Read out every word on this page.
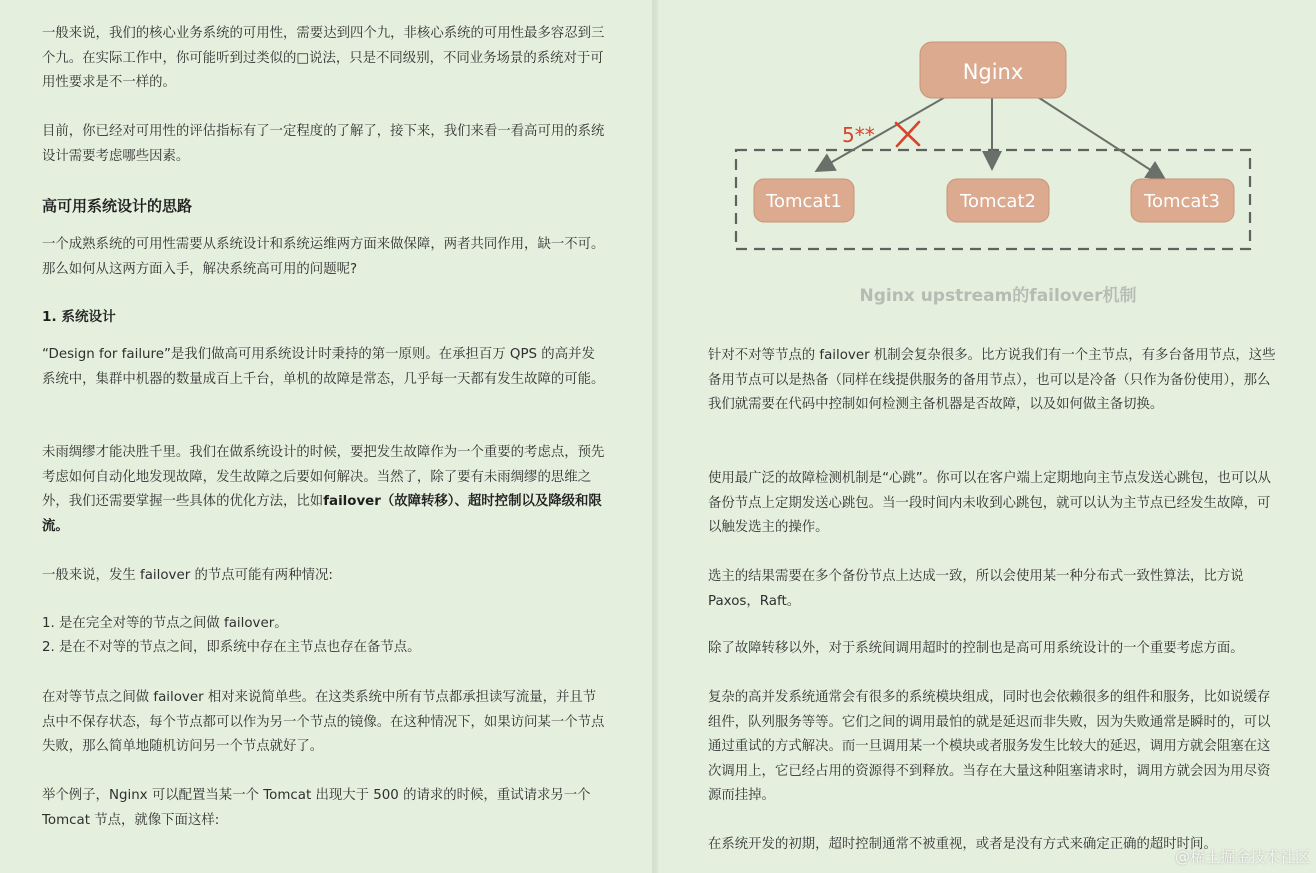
一般来说，我们的核心业务系统的可用性，需要达到四个九，非核心系统的可用性最多容忍到三个九。在实际工作中，你可能听到过类似的□说法，只是不同级别，不同业务场景的系统对于可用性要求是不一样的。

目前，你已经对可用性的评估指标有了一定程度的了解了，接下来，我们来看一看高可用的系统设计需要考虑哪些因素。

高可用系统设计的思路

一个成熟系统的可用性需要从系统设计和系统运维两方面来做保障，两者共同作用，缺一不可。那么如何从这两方面入手，解决系统高可用的问题呢?

1. 系统设计

“Design for failure”是我们做高可用系统设计时秉持的第一原则。在承担百万 QPS 的高并发系统中，集群中机器的数量成百上千台，单机的故障是常态，几乎每一天都有发生故障的可能。

未雨绸缪才能决胜千里。我们在做系统设计的时候，要把发生故障作为一个重要的考虑点，预先考虑如何自动化地发现故障，发生故障之后要如何解决。当然了，除了要有未雨绸缪的思维之外，我们还需要掌握一些具体的优化方法，比如failover（故障转移）、超时控制以及降级和限流。

一般来说，发生 failover 的节点可能有两种情况:

1. 是在完全对等的节点之间做 failover。

2. 是在不对等的节点之间，即系统中存在主节点也存在备节点。

在对等节点之间做 failover 相对来说简单些。在这类系统中所有节点都承担读写流量，并且节点中不保存状态，每个节点都可以作为另一个节点的镜像。在这种情况下，如果访问某一个节点失败，那么简单地随机访问另一个节点就好了。

举个例子，Nginx 可以配置当某一个 Tomcat 出现大于 500 的请求的时候，重试请求另一个 Tomcat 节点，就像下面这样:

5**
Nginx
Tomcat1	Tomcat2	Tomcat3
Nginx upstream的failover机制

针对不对等节点的 failover 机制会复杂很多。比方说我们有一个主节点，有多台备用节点，这些备用节点可以是热备（同样在线提供服务的备用节点），也可以是冷备（只作为备份使用），那么我们就需要在代码中控制如何检测主备机器是否故障，以及如何做主备切换。

使用最广泛的故障检测机制是“心跳”。你可以在客户端上定期地向主节点发送心跳包，也可以从备份节点上定期发送心跳包。当一段时间内未收到心跳包，就可以认为主节点已经发生故障，可以触发选主的操作。

选主的结果需要在多个备份节点上达成一致，所以会使用某一种分布式一致性算法，比方说 Paxos，Raft。

除了故障转移以外，对于系统间调用超时的控制也是高可用系统设计的一个重要考虑方面。

复杂的高并发系统通常会有很多的系统模块组成，同时也会依赖很多的组件和服务，比如说缓存组件，队列服务等等。它们之间的调用最怕的就是延迟而非失败，因为失败通常是瞬时的，可以通过重试的方式解决。而一旦调用某一个模块或者服务发生比较大的延迟，调用方就会阻塞在这次调用上，它已经占用的资源得不到释放。当存在大量这种阻塞请求时，调用方就会因为用尽资源而挂掉。

在系统开发的初期，超时控制通常不被重视，或者是没有方式来确定正确的超时时间。

@稀土掘金技术社区
